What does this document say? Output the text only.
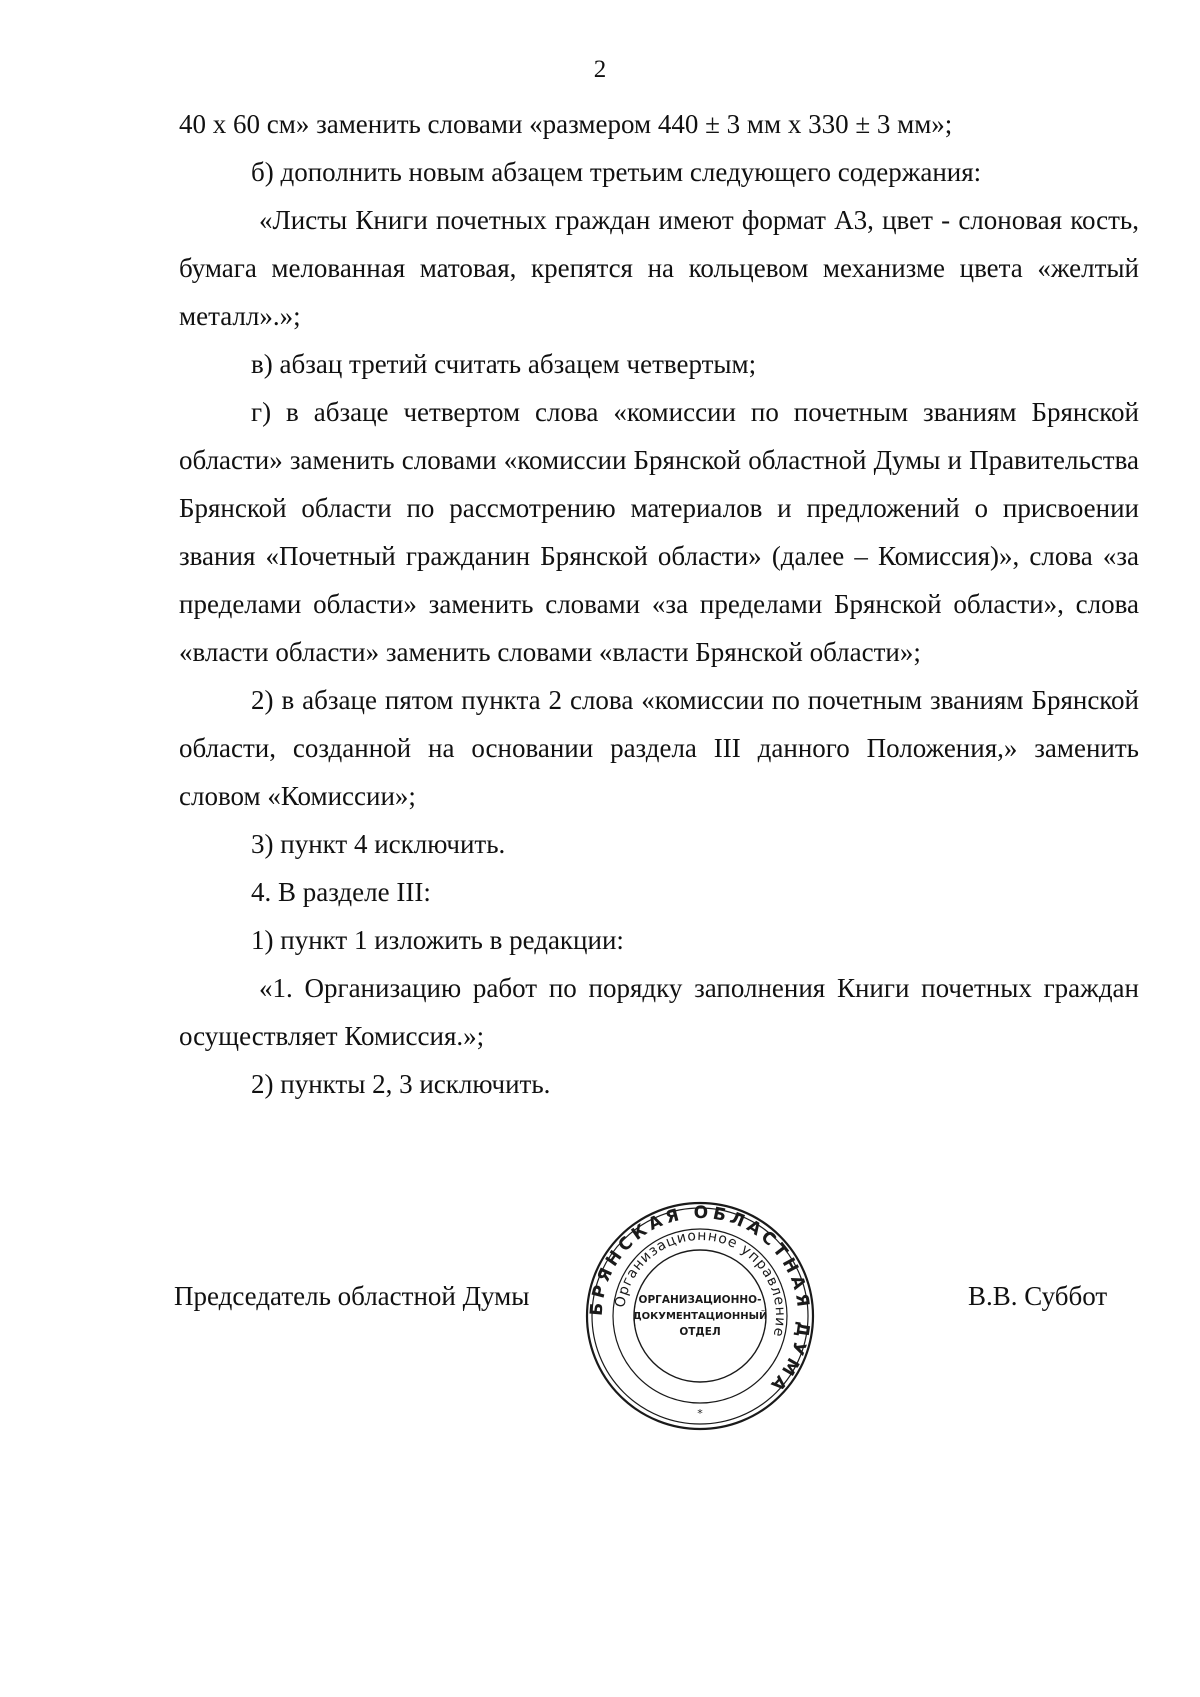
2

40 х 60 см» заменить словами «размером 440 ± 3 мм х 330 ± 3 мм»;

б) дополнить новым абзацем третьим следующего содержания:

«Листы Книги почетных граждан имеют формат А3, цвет - слоновая кость, бумага мелованная матовая, крепятся на кольцевом механизме цвета «желтый металл».»;

в) абзац третий считать абзацем четвертым;

г) в абзаце четвертом слова «комиссии по почетным званиям Брянской области» заменить словами «комиссии Брянской областной Думы и Правительства Брянской области по рассмотрению материалов и предложений о присвоении звания «Почетный гражданин Брянской области» (далее – Комиссия)», слова «за пределами области» заменить словами «за пределами Брянской области», слова «власти области» заменить словами «власти Брянской области»;

2) в абзаце пятом пункта 2 слова «комиссии по почетным званиям Брянской области, созданной на основании раздела III данного Положения,» заменить словом «Комиссии»;

3) пункт 4 исключить.

4. В разделе III:

1) пункт 1 изложить в редакции:

«1. Организацию работ по порядку заполнения Книги почетных граждан осуществляет Комиссия.»;

2) пункты 2, 3 исключить.

Председатель областной Думы	БРЯНСКАЯ ОБЛАСТНАЯ ДУМА
Организационное управление
ОРГАНИЗАЦИОННО-
ДОКУМЕНТАЦИОННЫЙ
ОТДЕЛ
*
В.В. Суббот
